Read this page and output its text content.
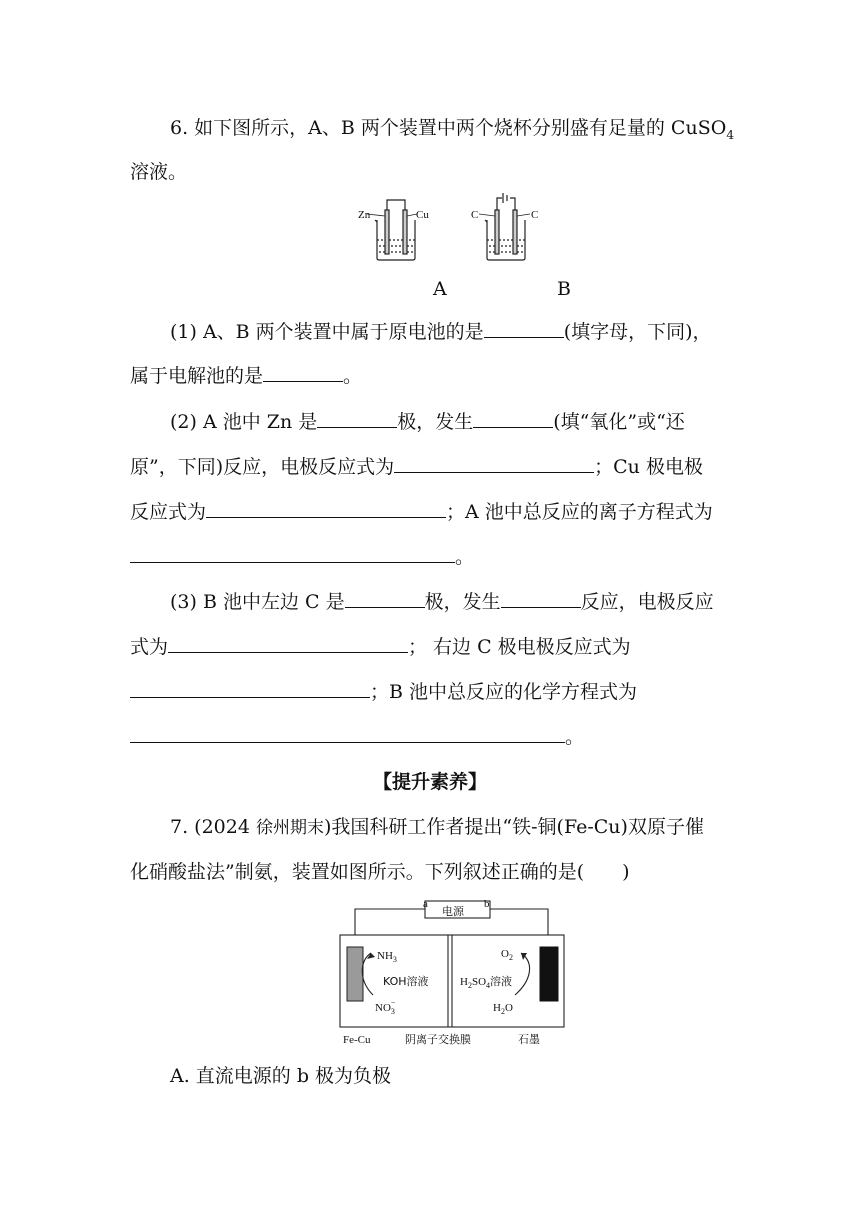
6. 如下图所示，A、B 两个装置中两个烧杯分别盛有足量的 CuSO$_4$
溶液。
Zn	Cu	C	C
A	B
(1) A、B 两个装置中属于原电池的是	(填字母，下同)，
属于电解池的是	。
(2) A 池中 Zn 是	极，发生	(填“氧化”或“还
原”，下同)反应，电极反应式为	；Cu 极电极
反应式为	；A 池中总反应的离子方程式为
。
(3) B 池中左边 C 是	极，发生	反应，电极反应
式为	； 右边 C 极电极反应式为
；B 池中总反应的化学方程式为
。
【提升素养】
7. (2024 徐州期末)我国科研工作者提出“铁-铜(Fe-Cu)双原子催
化硝酸盐法”制氨，装置如图所示。下列叙述正确的是(　　)
a	b
电源
$NH_3$
KOH溶液
$NO_3-$
$O_2$
$H_2SO_4$溶液
$H_2O$
Fe-Cu	阴离子交换膜	石墨
A. 直流电源的 b 极为负极
